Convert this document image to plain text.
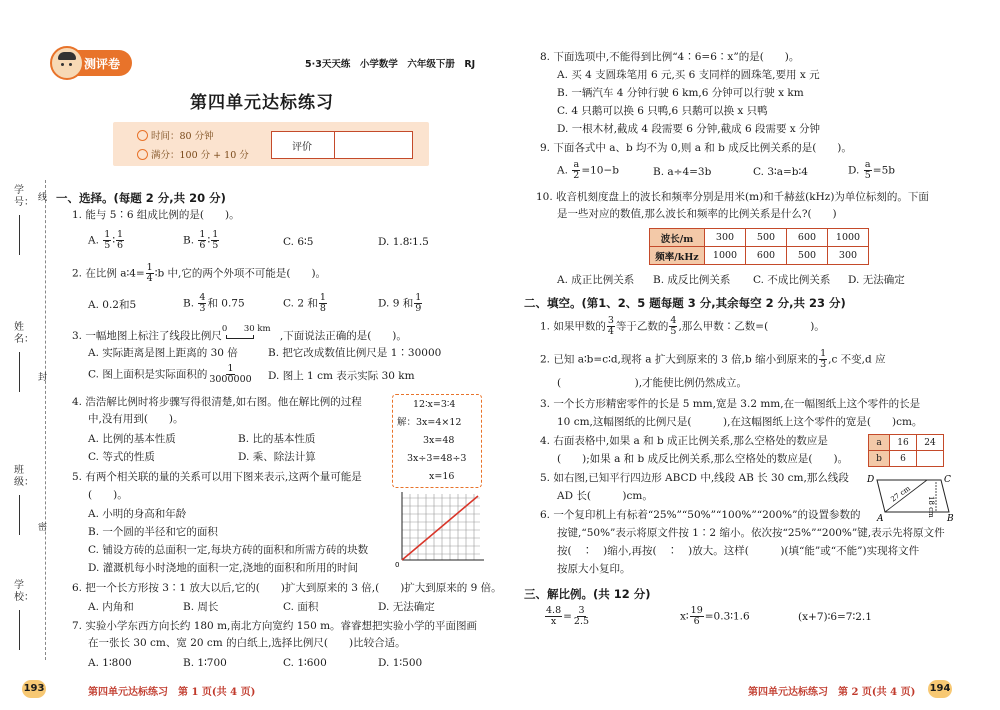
测评卷	5·3天天练　小学数学　六年级下册　RJ
第四单元达标练习
时间：80 分钟
满分：100 分 + 10 分
评价
学号： 线
姓名：
封
班级：
密
学校：
一、选择。(每题 2 分,共 20 分)
1. 能与 5∶6 组成比例的是(　　)。
A. $\frac{1}{5}$ ∶ $\frac{1}{6}$	B. $\frac{1}{6}$ ∶ $\frac{1}{5}$	C. 6∶5	D. 1.8∶1.5
2. 在比例 a∶4= $\frac{1}{4}$ ∶b 中,它的两个外项不可能是(　　)。
A. 0.2和5	B. $\frac{4}{3}$ 和 0.75	C. 2 和 $\frac{1}{8}$	D. 9 和 $\frac{1}{9}$
3. 一幅地图上标注了线段比例尺
0 30 km
,下面说法正确的是(　　)。
A. 实际距离是图上距离的 30 倍	B. 把它改成数值比例尺是 1∶30000
C. 图上面积是实际面积的 $\frac{1}{3000000} D$. 图上 1 cm 表示实际 30 km
4. 浩浩解比例时将步骤写得很清楚,如右图。他在解比例的过程
中,没有用到(　　)。
A. 比例的基本性质	B. 比的基本性质
C. 等式的性质	D. 乘、除法计算
12∶x=3∶4
解：3x=4×12
3x=48
3x÷3=48÷3
x=16
5. 有两个相关联的量的关系可以用下图来表示,这两个量可能是
(　　)。
A. 小明的身高和年龄
B. 一个圆的半径和它的面积
C. 铺设方砖的总面积一定,每块方砖的面积和所需方砖的块数
D. 灌溉机每小时浇地的面积一定,浇地的面积和所用的时间	0
6. 把一个长方形按 3∶1 放大以后,它的(　　)扩大到原来的 3 倍,(　　)扩大到原来的 9 倍。
A. 内角和	B. 周长	C. 面积	D. 无法确定
7. 实验小学东西方向长约 180 m,南北方向宽约 150 m。睿睿想把实验小学的平面图画
在一张长 30 cm、宽 20 cm 的白纸上,选择比例尺(　　)比较合适。
A. 1∶800	B. 1∶700	C. 1∶600	D. 1∶500
193	第四单元达标练习　第 1 页(共 4 页)
8. 下面选项中,不能得到比例“4∶6=6∶x”的是(　　)。
A. 买 4 支圆珠笔用 6 元,买 6 支同样的圆珠笔,要用 x 元
B. 一辆汽车 4 分钟行驶 6 km,6 分钟可以行驶 x km
C. 4 只鹅可以换 6 只鸭,6 只鹅可以换 x 只鸭
D. 一根木材,截成 4 段需要 6 分钟,截成 6 段需要 x 分钟
9. 下面各式中 a、b 均不为 0,则 a 和 b 成反比例关系的是(　　)。
A. $\frac{a}{2} =10-b$	B. a÷4=3b	C. 3∶a=b∶4	D. $\frac{a}{5} =5b$
10. 收音机刻度盘上的波长和频率分别是用米(m)和千赫兹(kHz)为单位标刻的。下面
是一些对应的数值,那么波长和频率的比例关系是什么?(　　)
波长/m	300	500	600	1000
频率/kHz	1000	600	500	300
A. 成正比例关系 B. 成反比例关系 C. 不成比例关系 D. 无法确定
二、填空。(第1、2、5 题每题 3 分,其余每空 2 分,共 23 分)
1. 如果甲数的 $\frac{3}{4}$ 等于乙数的 $\frac{4}{5}$ ,那么甲数∶乙数=(　　　　)。
2. 已知 a∶b=c∶d,现将 a 扩大到原来的 3 倍,b 缩小到原来的 $\frac{1}{3} ,c$ 不变,d 应
(　　　　　　　),才能使比例仍然成立。
3. 一个长方形精密零件的长是 5 mm,宽是 3.2 mm,在一幅图纸上这个零件的长是
10 cm,这幅图纸的比例尺是(　　　),在这幅图纸上这个零件的宽是(　　)cm。
4. 右面表格中,如果 a 和 b 成正比例关系,那么空格处的数应是
(　　);如果 a 和 b 成反比例关系,那么空格处的数应是(　　)。
a	16	24
b	6	
5. 如右图,已知平行四边形 ABCD 中,线段 AB 长 30 cm,那么线段
AD 长(　　　)cm。
D	C
A	B
27 cm
18 cm
6. 一个复印机上有标着“25%”“50%”“100%”“200%”的设置参数的
按键,“50%”表示将原文件按 1∶2 缩小。依次按“25%”“200%”键,表示先将原文件
按(　∶　)缩小,再按(　∶　)放大。这样(　　　)(填“能”或“不能”)实现将文件
按原大小复印。
三、解比例。(共 12 分)
$\frac{4.8}{x} = \frac{3}{2.5}$	x∶ $\frac{19}{6}$ =0.3∶1.6	(x+7)∶6=7∶2.1
第四单元达标练习　第 2 页(共 4 页) 194
